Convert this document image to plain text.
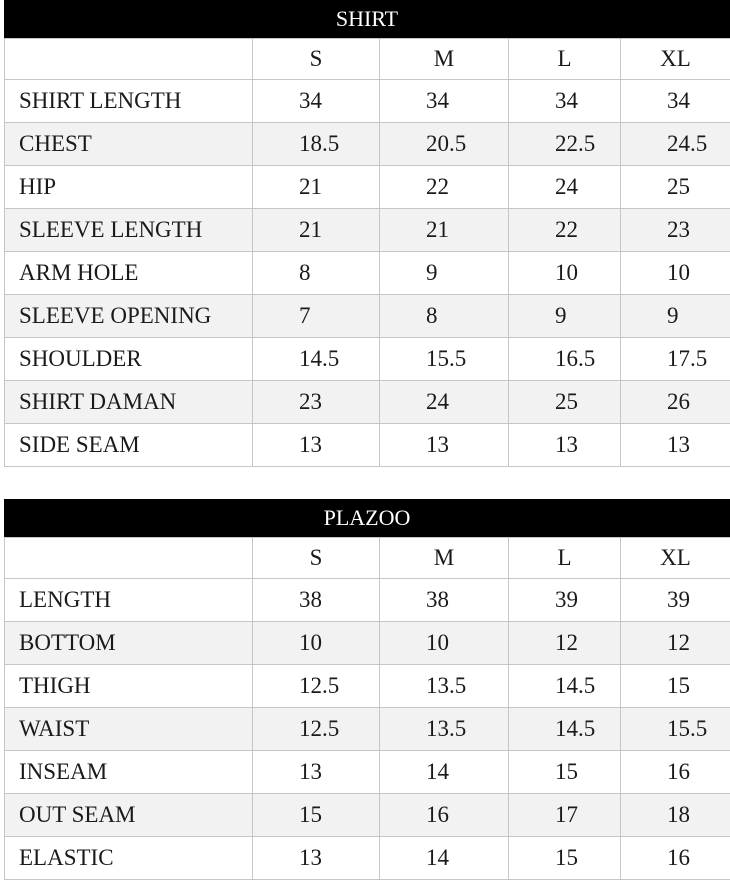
SHIRT
	S	M	L	XL
SHIRT LENGTH	34	34	34	34
CHEST	18.5	20.5	22.5	24.5
HIP	21	22	24	25
SLEEVE LENGTH	21	21	22	23
ARM HOLE	8	9	10	10
SLEEVE OPENING	7	8	9	9
SHOULDER	14.5	15.5	16.5	17.5
SHIRT DAMAN	23	24	25	26
SIDE SEAM	13	13	13	13
PLAZOO
	S	M	L	XL
LENGTH	38	38	39	39
BOTTOM	10	10	12	12
THIGH	12.5	13.5	14.5	15
WAIST	12.5	13.5	14.5	15.5
INSEAM	13	14	15	16
OUT SEAM	15	16	17	18
ELASTIC	13	14	15	16
